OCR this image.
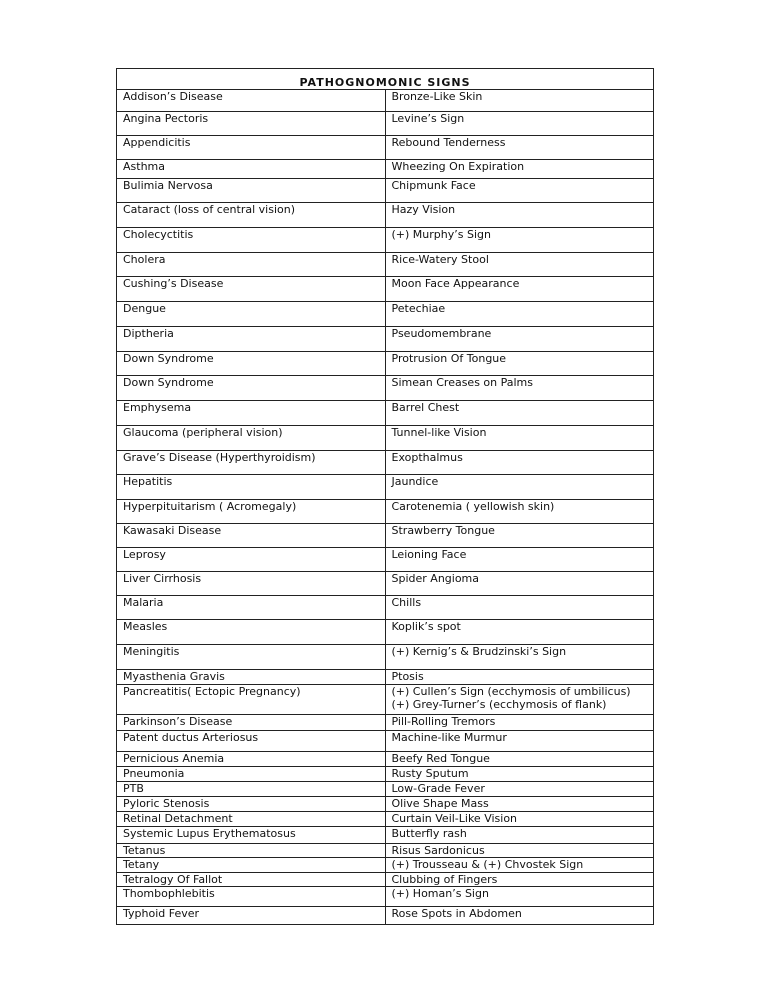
PATHOGNOMONIC SIGNS	
Addison’s Disease	Bronze-Like Skin

Angina Pectoris	Levine’s Sign

Appendicitis	Rebound Tenderness

Asthma	Wheezing On Expiration

Bulimia Nervosa	Chipmunk Face

Cataract (loss of central vision)	Hazy Vision

Cholecyctitis	(+) Murphy’s Sign

Cholera	Rice-Watery Stool

Cushing’s Disease	Moon Face Appearance

Dengue	Petechiae

Diptheria	Pseudomembrane

Down Syndrome	Protrusion Of Tongue

Down Syndrome	Simean Creases on Palms

Emphysema	Barrel Chest

Glaucoma (peripheral vision)	Tunnel-like Vision

Grave’s Disease (Hyperthyroidism)	Exopthalmus

Hepatitis	Jaundice

Hyperpituitarism ( Acromegaly)	Carotenemia ( yellowish skin)

Kawasaki Disease	Strawberry Tongue

Leprosy	Leioning Face

Liver Cirrhosis	Spider Angioma

Malaria	Chills

Measles	Koplik’s spot

Meningitis	(+) Kernig’s & Brudzinski’s Sign

Myasthenia Gravis	Ptosis

Pancreatitis( Ectopic Pregnancy)	(+) Cullen’s Sign (ecchymosis of umbilicus)
(+) Grey-Turner’s (ecchymosis of flank)

Parkinson’s Disease	Pill-Rolling Tremors

Patent ductus Arteriosus	Machine-like Murmur

Pernicious Anemia	Beefy Red Tongue

Pneumonia	Rusty Sputum

PTB	Low-Grade Fever

Pyloric Stenosis	Olive Shape Mass

Retinal Detachment	Curtain Veil-Like Vision

Systemic Lupus Erythematosus	Butterfly rash

Tetanus	Risus Sardonicus

Tetany	(+) Trousseau & (+) Chvostek Sign

Tetralogy Of Fallot	Clubbing of Fingers

Thombophlebitis	(+) Homan’s Sign

Typhoid Fever	Rose Spots in Abdomen
